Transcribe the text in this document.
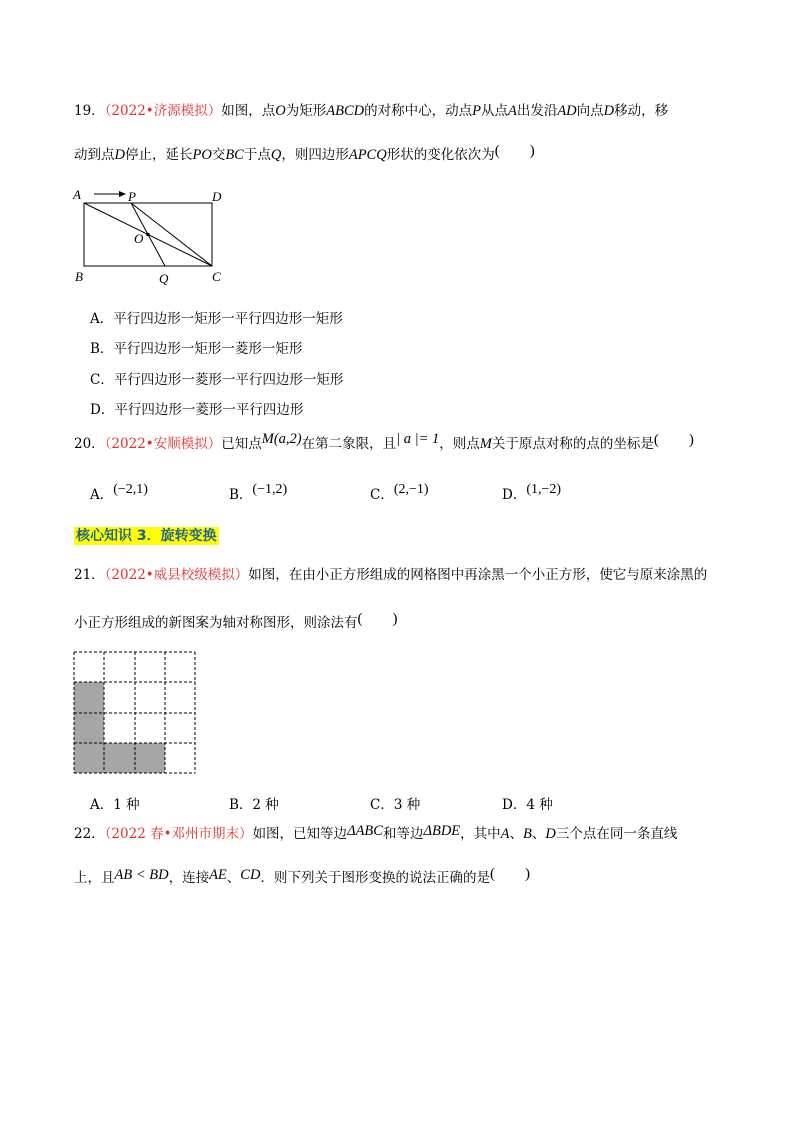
19．（2022•济源模拟）如图，点O为矩形ABCD的对称中心，动点P从点A出发沿AD向点D移动，移
动到点D停止，延长PO交BC于点Q，则四边形APCQ形状的变化依次为(　　)
A	P	D
O
B	Q	C
A．平行四边形一矩形一平行四边形一矩形
B．平行四边形一矩形一菱形一矩形
C．平行四边形一菱形一平行四边形一矩形
D．平行四边形一菱形一平行四边形
20．（2022•安顺模拟）已知点M(a,2)在第二象限，且| a |= 1，则点M关于原点对称的点的坐标是(　　)
A．(−2,1)	B．(−1,2)	C．(2,−1)	D．(1,−2)
核心知识 3．旋转变换
21．（2022•威县校级模拟）如图，在由小正方形组成的网格图中再涂黑一个小正方形，使它与原来涂黑的
小正方形组成的新图案为轴对称图形，则涂法有(　　)
A．1 种	B．2 种	C．3 种	D．4 种
22．（2022 春•邓州市期末）如图，已知等边ΔABC和等边ΔBDE，其中A、B、D三个点在同一条直线
上，且AB < BD，连接AE、CD．则下列关于图形变换的说法正确的是(　　)
